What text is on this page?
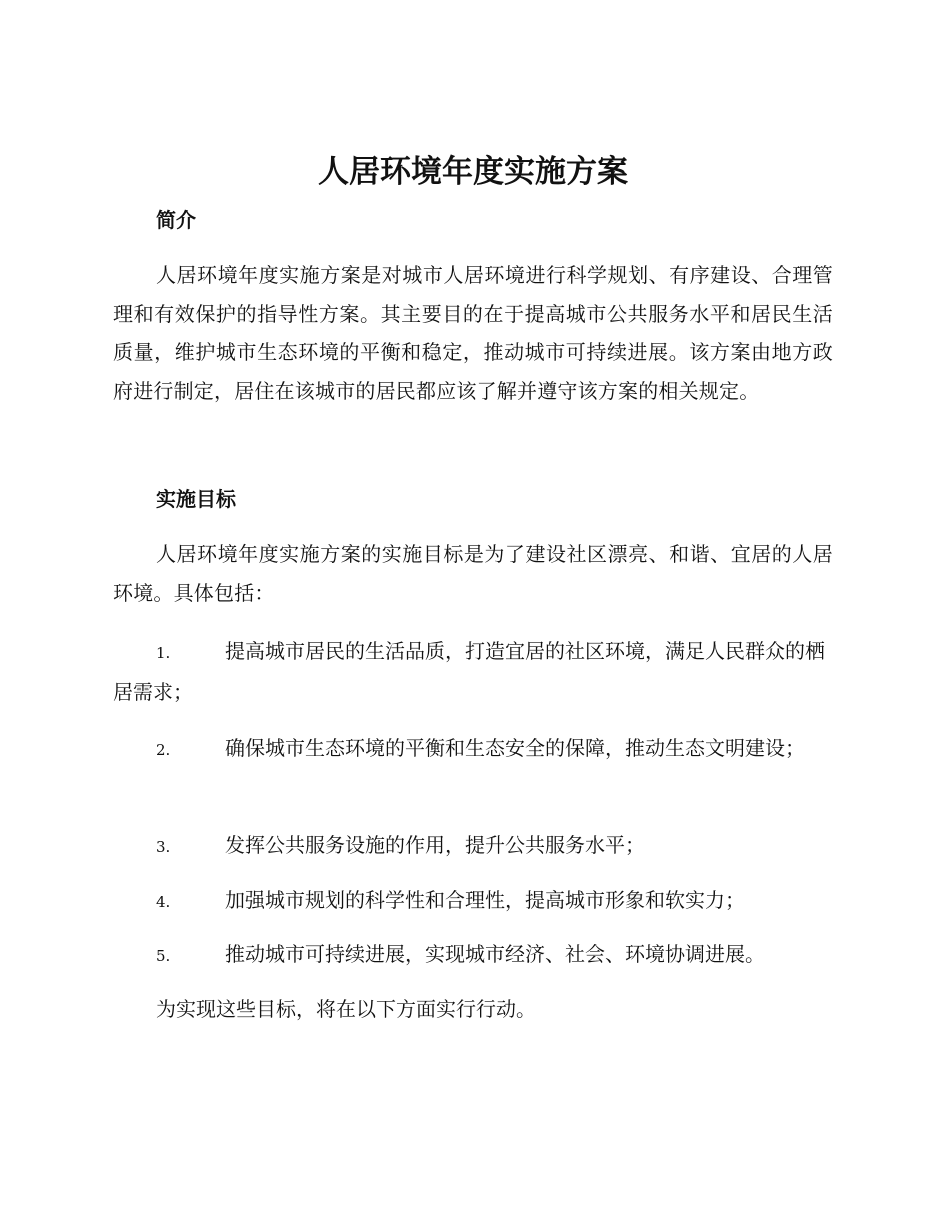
人居环境年度实施方案
简介

人居环境年度实施方案是对城市人居环境进行科学规划、有序建设、合理管理和有效保护的指导性方案。其主要目的在于提高城市公共服务水平和居民生活质量，维护城市生态环境的平衡和稳定，推动城市可持续进展。该方案由地方政府进行制定，居住在该城市的居民都应该了解并遵守该方案的相关规定。

实施目标

人居环境年度实施方案的实施目标是为了建设社区漂亮、和谐、宜居的人居环境。具体包括：

1.	提高城市居民的生活品质，打造宜居的社区环境，满足人民群众的栖居需求；

2.	确保城市生态环境的平衡和生态安全的保障，推动生态文明建设；

3.	发挥公共服务设施的作用，提升公共服务水平；

4.	加强城市规划的科学性和合理性，提高城市形象和软实力；

5.	推动城市可持续进展，实现城市经济、社会、环境协调进展。

为实现这些目标，将在以下方面实行行动。
